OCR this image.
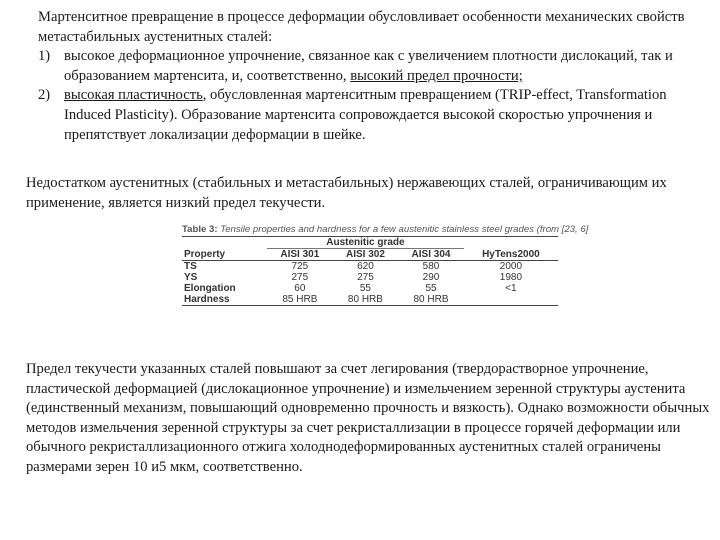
Мартенситное превращение в процессе деформации обусловливает особенности механических свойств метастабильных аустенитных сталей:

1) высокое деформационное упрочнение, связанное как с увеличением плотности дислокаций, так и образованием мартенсита, и, соответственно, высокий предел прочности;
2) высокая пластичность, обусловленная мартенситным превращением (TRIP-effect, Transformation Induced Plasticity). Образование мартенсита сопровождается высокой скоростью упрочнения и препятствует локализации деформации в шейке.

Недостатком аустенитных (стабильных и метастабильных) нержавеющих сталей, ограничивающим их применение, является низкий предел текучести.

Table 3: Tensile properties and hardness for a few austenitic stainless steel grades (from [23, 6]
	Austenitic grade			
Property	AISI 301	AISI 302	AISI 304	HyTens2000
TS	725	620	580	2000
YS	275	275	290	1980
Elongation	60	55	55	<1
Hardness	85 HRB	80 HRB	80 HRB	

Предел текучести указанных сталей повышают за счет легирования (твердорастворное упрочнение, пластической деформацией (дислокационное упрочнение) и измельчением зеренной структуры аустенита (единственный механизм, повышающий одновременно прочность и вязкость). Однако возможности обычных методов измельчения зеренной структуры за счет рекристаллизации в процессе горячей деформации или обычного рекристаллизационного отжига холоднодеформированных аустенитных сталей ограничены размерами зерен 10 и5 мкм, соответственно.
